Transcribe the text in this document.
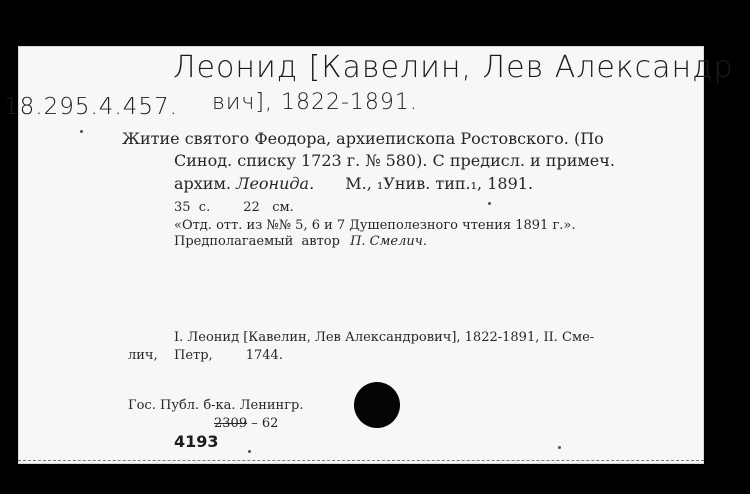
Леонид [Кавелин, Лев Александр
18.295.4.457. вич], 1822-1891.
Житие святого Феодора, архиепископа Ростовского. (По
Синод. списку 1723 г. № 580). С предисл. и примеч.
архим. Леонида. М., ₁Унив. тип.₁, 1891.
35  с.        22   см.
«Отд. отт. из №№ 5, 6 и 7 Душеполезного чтения 1891 г.».
Предполагаемый  автор П. Смелич.
I. Леонид [Кавелин, Лев Александрович], 1822-1891, II. Сме-
лич, Петр,        1744.
Гос. Публ. б-ка. Ленингр.
2309 – 62
4193
